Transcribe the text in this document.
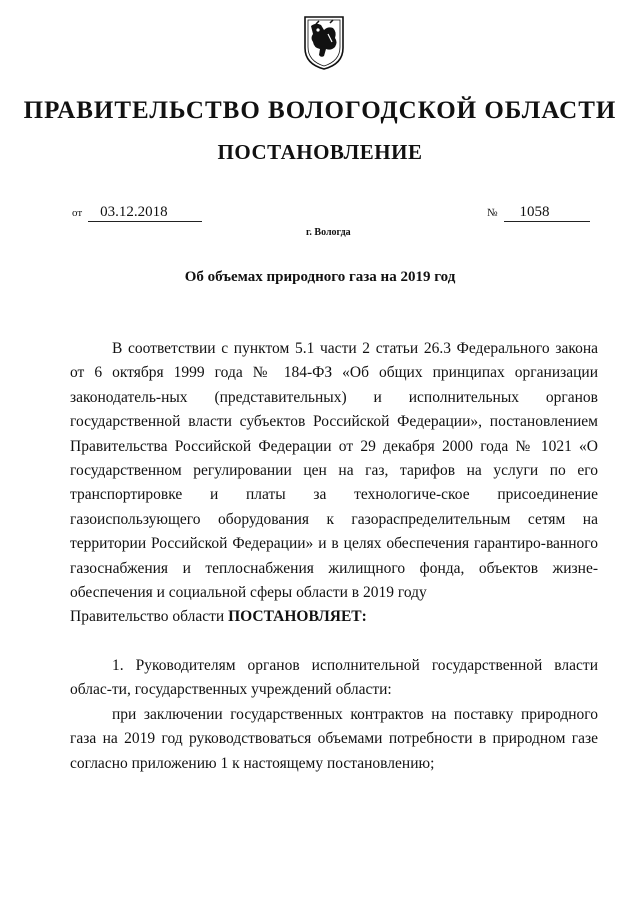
ПРАВИТЕЛЬСТВО ВОЛОГОДСКОЙ ОБЛАСТИ
ПОСТАНОВЛЕНИЕ
от 03.12.2018	№ 1058
г. Вологда
Об объемах природного газа на 2019 год

В соответствии с пунктом 5.1 части 2 статьи 26.3 Федерального закона от 6 октября 1999 года № 184-ФЗ «Об общих принципах организации законодатель-ных (представительных) и исполнительных органов государственной власти субъектов Российской Федерации», постановлением Правительства Российской Федерации от 29 декабря 2000 года № 1021 «О государственном регулировании цен на газ, тарифов на услуги по его транспортировке и платы за технологиче-ское присоединение газоиспользующего оборудования к газораспределительным сетям на территории Российской Федерации» и в целях обеспечения гарантиро-ванного газоснабжения и теплоснабжения жилищного фонда, объектов жизне-обеспечения и социальной сферы области в 2019 году

Правительство области ПОСТАНОВЛЯЕТ:

1. Руководителям органов исполнительной государственной власти облас-ти, государственных учреждений области:

при заключении государственных контрактов на поставку природного газа на 2019 год руководствоваться объемами потребности в природном газе согласно приложению 1 к настоящему постановлению;
